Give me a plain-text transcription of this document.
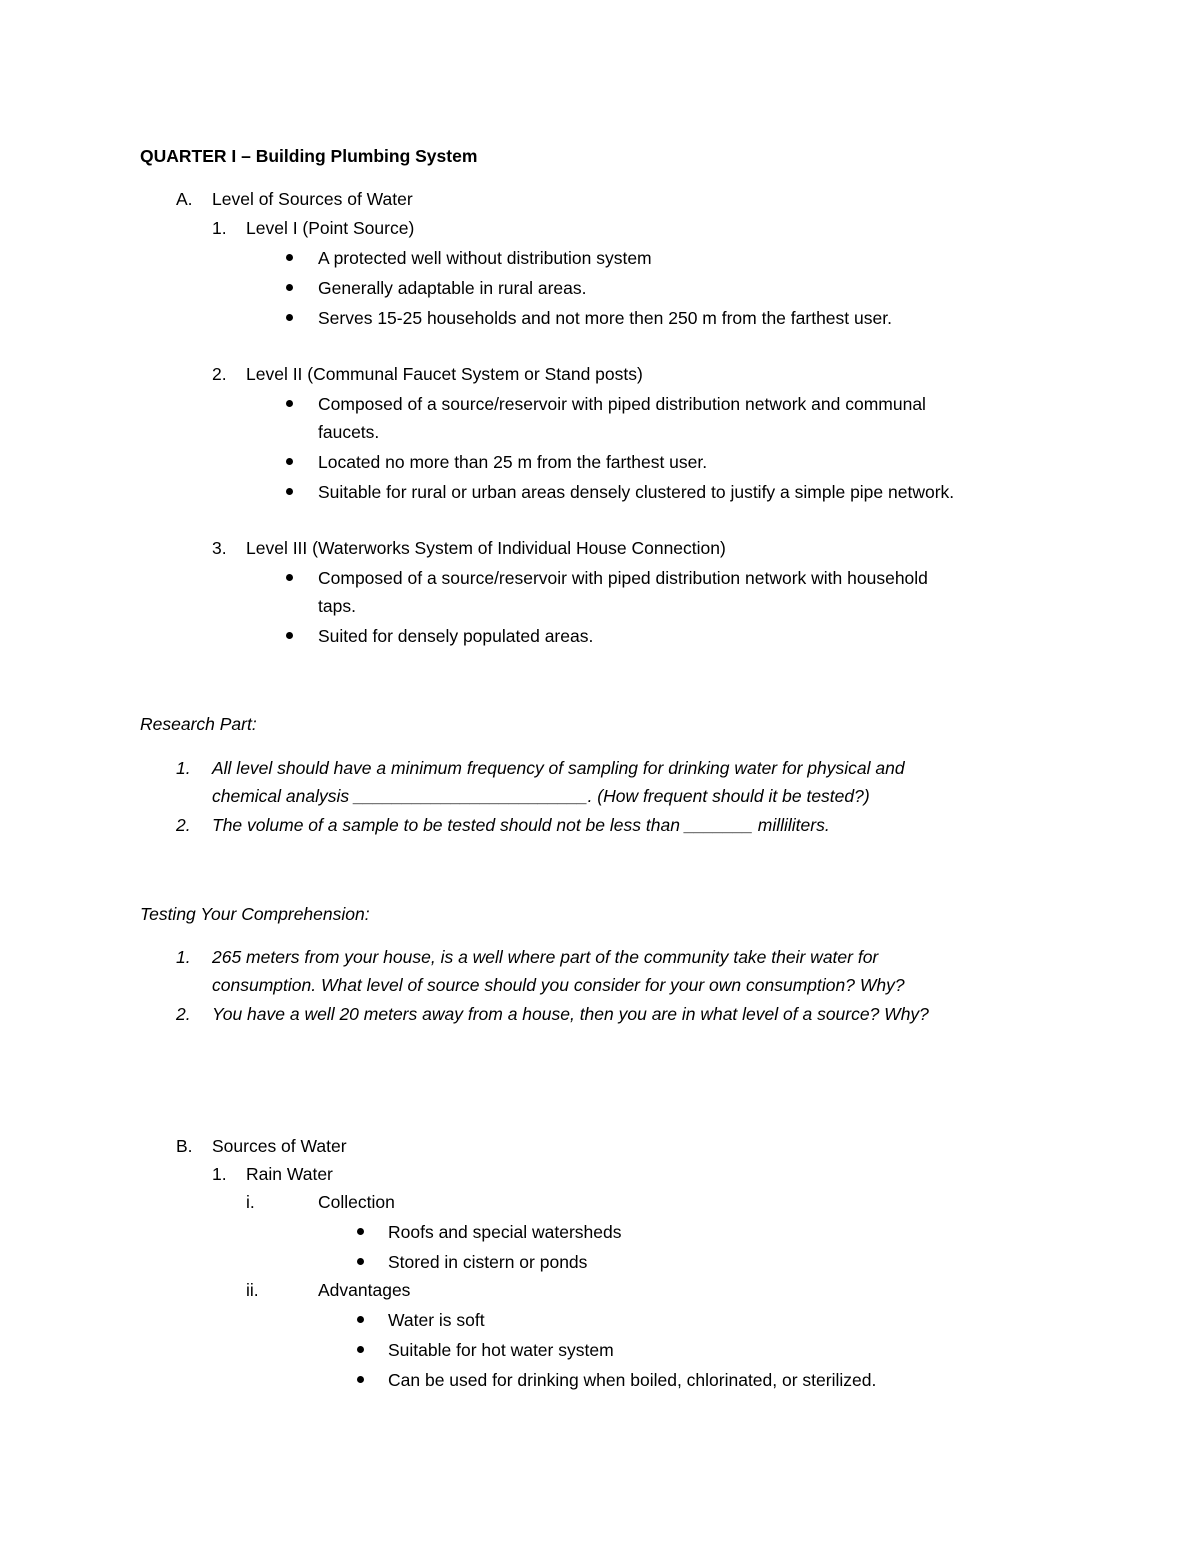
QUARTER I – Building Plumbing System
A. Level of Sources of Water
1. Level I (Point Source)
A protected well without distribution system
Generally adaptable in rural areas.
Serves 15-25 households and not more then 250 m from the farthest user.
2. Level II (Communal Faucet System or Stand posts)
Composed of a source/reservoir with piped distribution network and communal
faucets.
Located no more than 25 m from the farthest user.
Suitable for rural or urban areas densely clustered to justify a simple pipe network.
3. Level III (Waterworks System of Individual House Connection)
Composed of a source/reservoir with piped distribution network with household
taps.
Suited for densely populated areas.
Research Part:
1. All level should have a minimum frequency of sampling for drinking water for physical and
chemical analysis ________________________. (How frequent should it be tested?)
2. The volume of a sample to be tested should not be less than _______ milliliters.
Testing Your Comprehension:
1. 265 meters from your house, is a well where part of the community take their water for
consumption. What level of source should you consider for your own consumption? Why?
2. You have a well 20 meters away from a house, then you are in what level of a source? Why?
B. Sources of Water
1. Rain Water
i.	Collection
Roofs and special watersheds
Stored in cistern or ponds
ii.	Advantages
Water is soft
Suitable for hot water system
Can be used for drinking when boiled, chlorinated, or sterilized.
